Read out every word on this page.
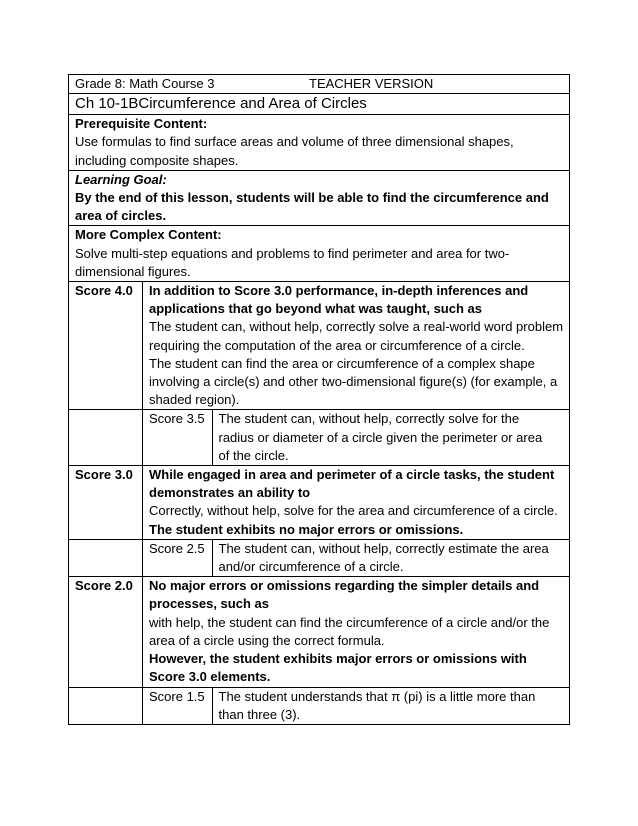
Grade 8: Math Course 3	TEACHER VERSION

Ch 10-1BCircumference and Area of Circles

Prerequisite Content:
Use formulas to find surface areas and volume of three dimensional shapes, including composite shapes.

Learning Goal:
By the end of this lesson, students will be able to find the circumference and area of circles.

More Complex Content:
Solve multi-step equations and problems to find perimeter and area for two-dimensional figures.

Score 4.0	In addition to Score 3.0 performance, in-depth inferences and applications that go beyond what was taught, such as
The student can, without help, correctly solve a real-world word problem requiring the computation of the area or circumference of a circle.
The student can find the area or circumference of a complex shape involving a circle(s) and other two-dimensional figure(s) (for example, a shaded region).

Score 3.5	The student can, without help, correctly solve for the radius or diameter of a circle given the perimeter or area of the circle.

Score 3.0	While engaged in area and perimeter of a circle tasks, the student demonstrates an ability to
Correctly, without help, solve for the area and circumference of a circle.
The student exhibits no major errors or omissions.

Score 2.5	The student can, without help, correctly estimate the area and/or circumference of a circle.

Score 2.0	No major errors or omissions regarding the simpler details and processes, such as
with help, the student can find the circumference of a circle and/or the area of a circle using the correct formula.
However, the student exhibits major errors or omissions with Score 3.0 elements.

Score 1.5	The student understands that π (pi) is a little more than than three (3).
